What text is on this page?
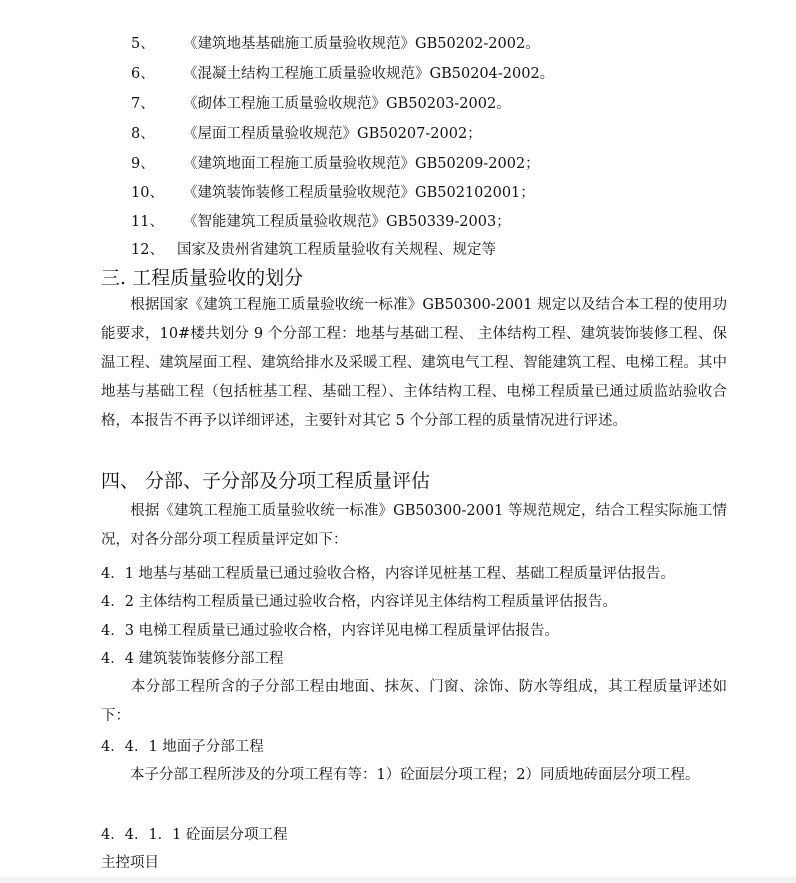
5、 《建筑地基基础施工质量验收规范》GB50202-2002。
6、 《混凝土结构工程施工质量验收规范》GB50204-2002。
7、 《砌体工程施工质量验收规范》GB50203-2002。
8、 《屋面工程质量验收规范》GB50207-2002；
9、 《建筑地面工程施工质量验收规范》GB50209-2002；
10、 《建筑装饰装修工程质量验收规范》GB502102001；
11、 《智能建筑工程质量验收规范》GB50339-2003；
12、 国家及贵州省建筑工程质量验收有关规程、规定等
三. 工程质量验收的划分
　　根据国家《建筑工程施工质量验收统一标准》GB50300-2001 规定以及结合本工程的使用功能要求，10#楼共划分 9 个分部工程：地基与基础工程、 主体结构工程、建筑装饰装修工程、保温工程、建筑屋面工程、建筑给排水及采暖工程、建筑电气工程、智能建筑工程、电梯工程。其中地基与基础工程（包括桩基工程、基础工程）、主体结构工程、电梯工程质量已通过质监站验收合格，本报告不再予以详细评述，主要针对其它 5 个分部工程的质量情况进行评述。
四、 分部、子分部及分项工程质量评估
　　根据《建筑工程施工质量验收统一标准》GB50300-2001 等规范规定，结合工程实际施工情况，对各分部分项工程质量评定如下：
4．1 地基与基础工程质量已通过验收合格，内容详见桩基工程、基础工程质量评估报告。
4．2 主体结构工程质量已通过验收合格，内容详见主体结构工程质量评估报告。
4．3 电梯工程质量已通过验收合格，内容详见电梯工程质量评估报告。
4．4 建筑装饰装修分部工程
　　本分部工程所含的子分部工程由地面、抹灰、门窗、涂饰、防水等组成，其工程质量评述如下：
4．4．1 地面子分部工程
　　本子分部工程所涉及的分项工程有等：1）砼面层分项工程；2）同质地砖面层分项工程。
4．4．1．1 砼面层分项工程
主控项目
